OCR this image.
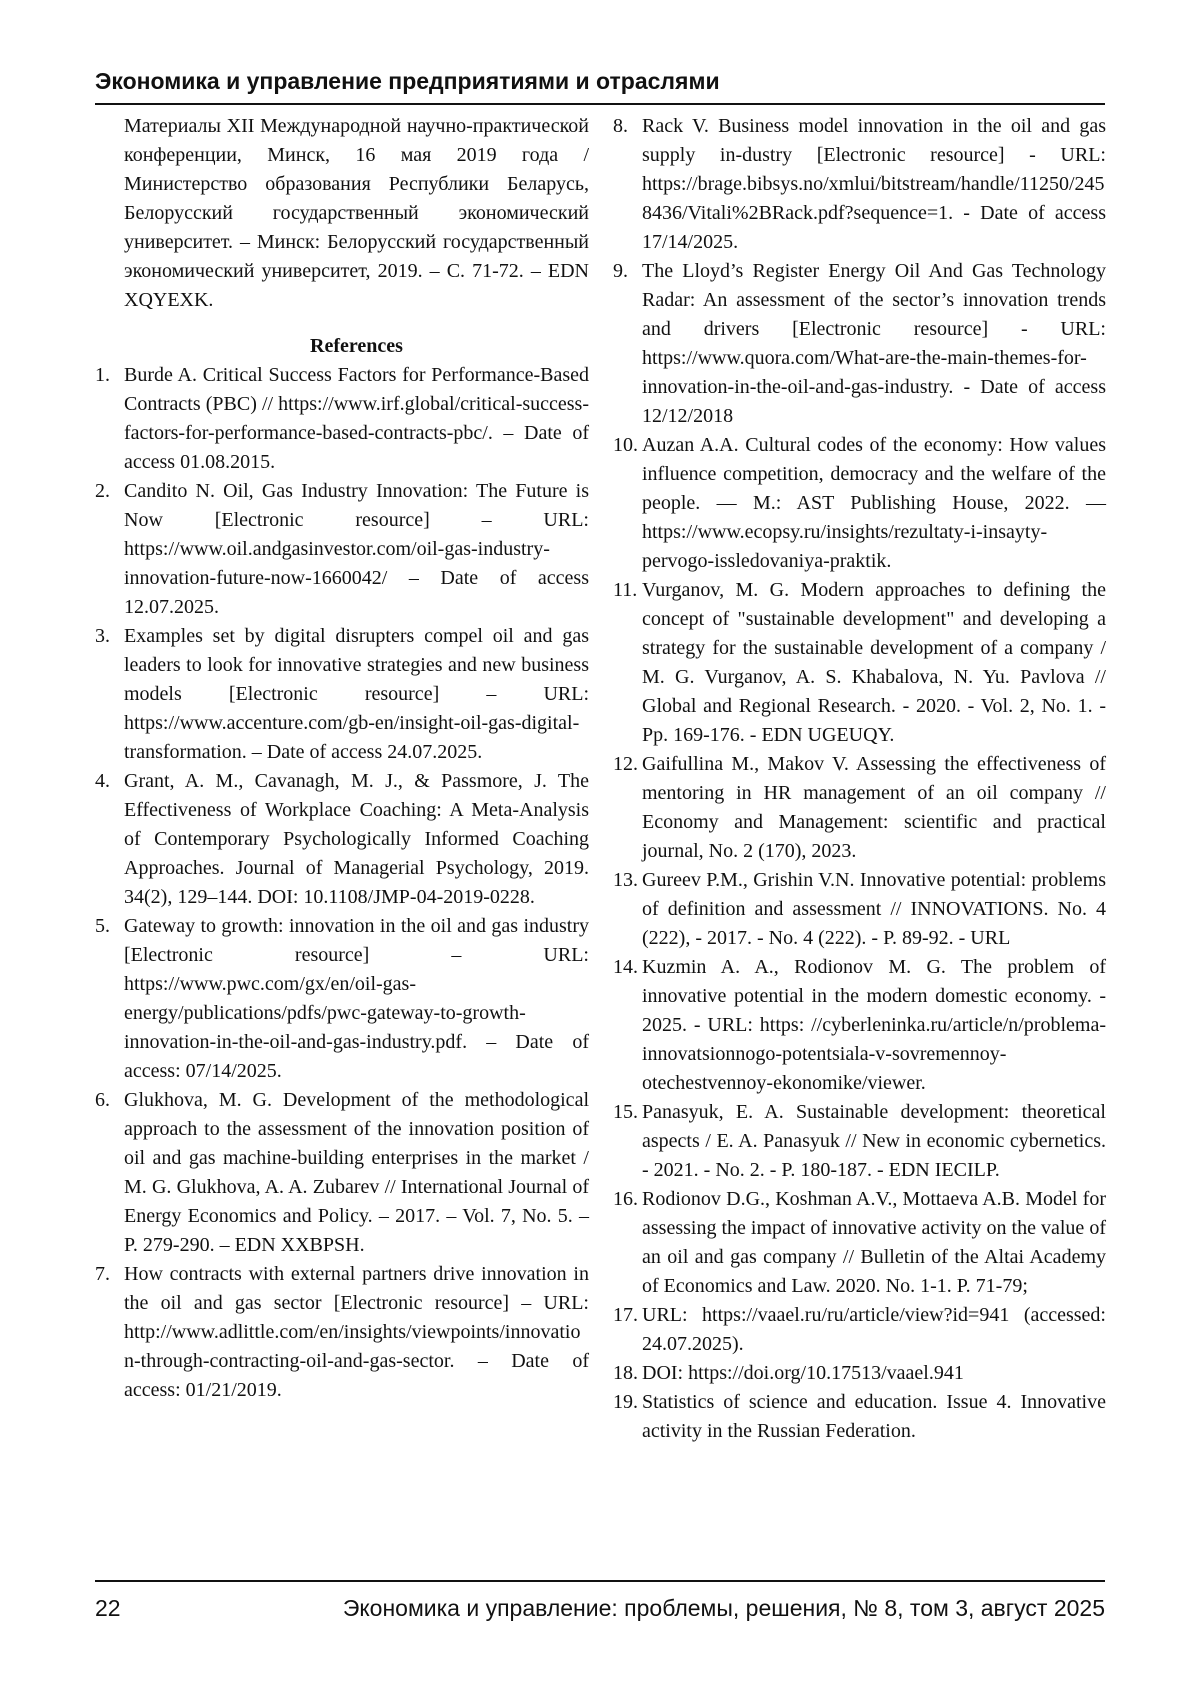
Экономика и управление предприятиями и отраслями
Материалы XII Международной научно-практической конференции, Минск, 16 мая 2019 года / Министерство образования Республики Беларусь, Белорусский государственный экономический университет. – Минск: Белорусский государственный экономический университет, 2019. – С. 71-72. – EDN XQYEXK.
References
1. Burde A. Critical Success Factors for Performance-Based Contracts (PBC) // https://www.irf.global/critical-success-factors-for-performance-based-contracts-pbc/. – Date of access 01.08.2015.
2. Candito N. Oil, Gas Industry Innovation: The Future is Now [Electronic resource] – URL: https://www.oil.andgasinvestor.com/oil-gas-industry-innovation-future-now-1660042/ – Date of access 12.07.2025.
3. Examples set by digital disrupters compel oil and gas leaders to look for innovative strategies and new business models [Electronic resource] – URL: https://www.accenture.com/gb-en/insight-oil-gas-digital-transformation. – Date of access 24.07.2025.
4. Grant, A. M., Cavanagh, M. J., & Passmore, J. The Effectiveness of Workplace Coaching: A Meta-Analysis of Contemporary Psychologically Informed Coaching Approaches. Journal of Managerial Psychology, 2019. 34(2), 129–144. DOI: 10.1108/JMP-04-2019-0228.
5. Gateway to growth: innovation in the oil and gas industry [Electronic resource] – URL: https://www.pwc.com/gx/en/oil-gas-energy/publications/pdfs/pwc-gateway-to-growth-innovation-in-the-oil-and-gas-industry.pdf. – Date of access: 07/14/2025.
6. Glukhova, M. G. Development of the methodological approach to the assessment of the innovation position of oil and gas machine-building enterprises in the market / M. G. Glukhova, A. A. Zubarev // International Journal of Energy Economics and Policy. – 2017. – Vol. 7, No. 5. – P. 279-290. – EDN XXBPSH.
7. How contracts with external partners drive innovation in the oil and gas sector [Electronic resource] – URL: http://www.adlittle.com/en/insights/viewpoints/innovation-through-contracting-oil-and-gas-sector. – Date of access: 01/21/2019.
8. Rack V. Business model innovation in the oil and gas supply in-dustry [Electronic resource] - URL: https://brage.bibsys.no/xmlui/bitstream/handle/11250/2458436/Vitali%2BRack.pdf?sequence=1. - Date of access 17/14/2025.
9. The Lloyd’s Register Energy Oil And Gas Technology Radar: An assessment of the sector’s innovation trends and drivers [Electronic resource] - URL: https://www.quora.com/What-are-the-main-themes-for-innovation-in-the-oil-and-gas-industry. - Date of access 12/12/2018
10. Auzan A.A. Cultural codes of the economy: How values influence competition, democracy and the welfare of the people. — M.: AST Publishing House, 2022. — https://www.ecopsy.ru/insights/rezultaty-i-insayty-pervogo-issledovaniya-praktik.
11. Vurganov, M. G. Modern approaches to defining the concept of "sustainable development" and developing a strategy for the sustainable development of a company / M. G. Vurganov, A. S. Khabalova, N. Yu. Pavlova // Global and Regional Research. - 2020. - Vol. 2, No. 1. - Pp. 169-176. - EDN UGEUQY.
12. Gaifullina M., Makov V. Assessing the effectiveness of mentoring in HR management of an oil company // Economy and Management: scientific and practical journal, No. 2 (170), 2023.
13. Gureev P.M., Grishin V.N. Innovative potential: problems of definition and assessment // INNOVATIONS. No. 4 (222), - 2017. - No. 4 (222). - P. 89-92. - URL
14. Kuzmin A. A., Rodionov M. G. The problem of innovative potential in the modern domestic economy. - 2025. - URL: https: //cyberleninka.ru/article/n/problema-innovatsionnogo-potentsiala-v-sovremennoy-otechestvennoy-ekonomike/viewer.
15. Panasyuk, E. A. Sustainable development: theoretical aspects / E. A. Panasyuk // New in economic cybernetics. - 2021. - No. 2. - P. 180-187. - EDN IECILP.
16. Rodionov D.G., Koshman A.V., Mottaeva A.B. Model for assessing the impact of innovative activity on the value of an oil and gas company // Bulletin of the Altai Academy of Economics and Law. 2020. No. 1-1. P. 71-79;
17. URL: https://vaael.ru/ru/article/view?id=941 (accessed: 24.07.2025).
18. DOI: https://doi.org/10.17513/vaael.941
19. Statistics of science and education. Issue 4. Innovative activity in the Russian Federation.
22	Экономика и управление: проблемы, решения, № 8, том 3, август 2025
